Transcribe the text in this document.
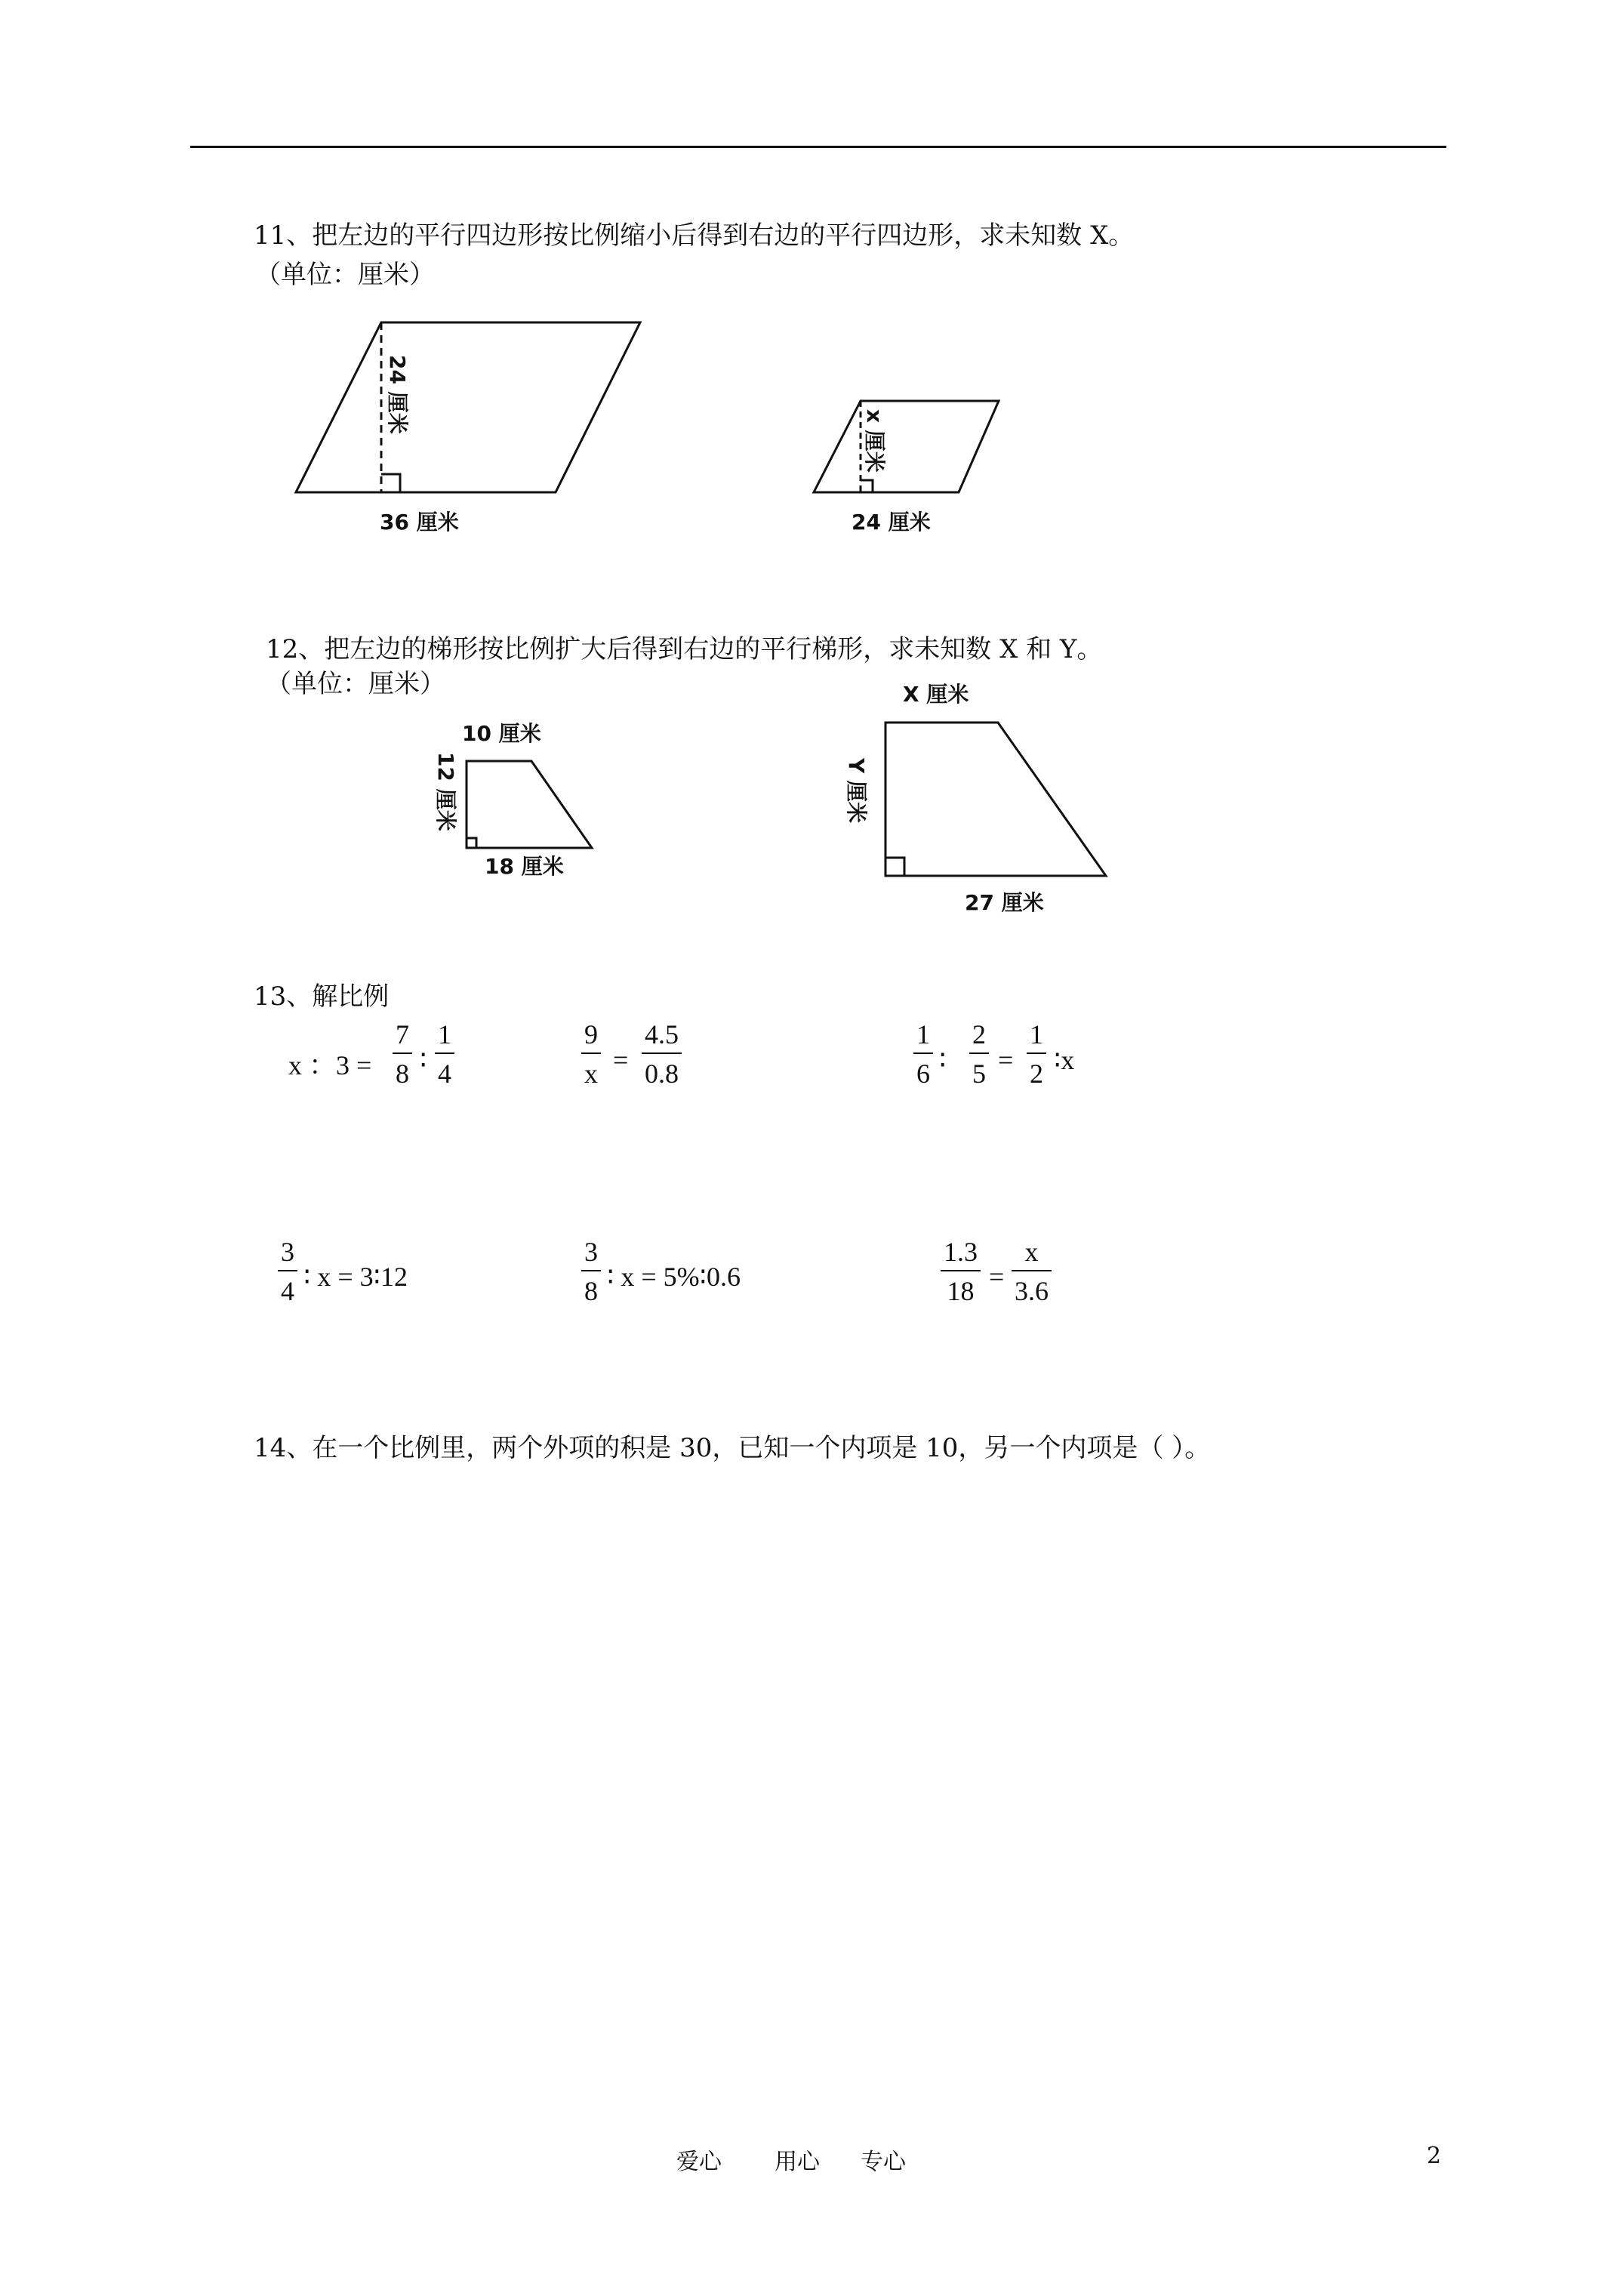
11、把左边的平行四边形按比例缩小后得到右边的平行四边形，求未知数 X。
（单位：厘米）
24 厘米
36 厘米
x 厘米
24 厘米
12、把左边的梯形按比例扩大后得到右边的平行梯形，求未知数 X 和 Y。
（单位：厘米）
10 厘米
12 厘米
18 厘米
X 厘米
Y 厘米
27 厘米
13、解比例
x ：3 =
7
8 ∶
1
4
9
x =
4.5
0.8
1
6 ∶
2
5 =
1
2 ∶x
3
4 ∶ x = 3∶12
3
8 ∶ x = 5%∶0.6
1.3
18 =
x
3.6
14、在一个比例里，两个外项的积是 30，已知一个内项是 10，另一个内项是（ ）。
爱心 用心 专心	2
